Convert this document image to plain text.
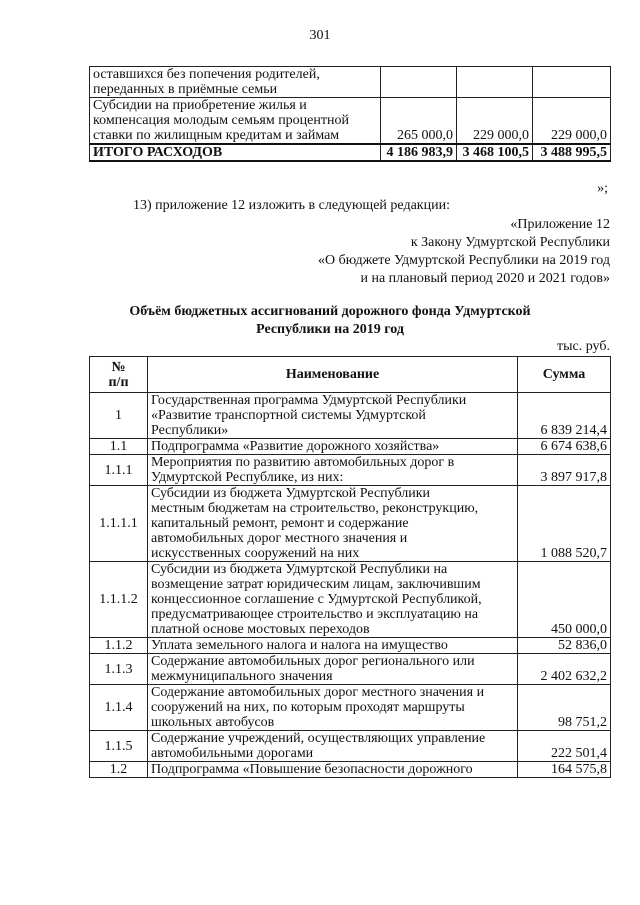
301
оставшихся без попечения родителей,
переданных в приёмные семьи			

Субсидии на приобретение жилья и
компенсация молодым семьям процентной
ставки по жилищным кредитам и займам	265 000,0	229 000,0	229 000,0
ИТОГО РАСХОДОВ	4 186 983,9	3 468 100,5	3 488 995,5
»;
13) приложение 12 изложить в следующей редакции:
«Приложение 12
к Закону Удмуртской Республики
«О бюджете Удмуртской Республики на 2019 год
и на плановый период 2020 и 2021 годов»
Объём бюджетных ассигнований дорожного фонда Удмуртской
Республики на 2019 год
тыс. руб.
№
п/п	Наименование	Сумма
1	Государственная программа Удмуртской Республики
«Развитие транспортной системы Удмуртской
Республики»	6 839 214,4
1.1	Подпрограмма «Развитие дорожного хозяйства»	6 674 638,6
1.1.1	Мероприятия по развитию автомобильных дорог в
Удмуртской Республике, из них:	3 897 917,8
1.1.1.1	Субсидии из бюджета Удмуртской Республики
местным бюджетам на строительство, реконструкцию,
капитальный ремонт, ремонт и содержание
автомобильных дорог местного значения и
искусственных сооружений на них	1 088 520,7
1.1.1.2	Субсидии из бюджета Удмуртской Республики на
возмещение затрат юридическим лицам, заключившим
концессионное соглашение с Удмуртской Республикой,
предусматривающее строительство и эксплуатацию на
платной основе мостовых переходов	450 000,0
1.1.2	Уплата земельного налога и налога на имущество	52 836,0
1.1.3	Содержание автомобильных дорог регионального или
межмуниципального значения	2 402 632,2
1.1.4	Содержание автомобильных дорог местного значения и
сооружений на них, по которым проходят маршруты
школьных автобусов	98 751,2
1.1.5	Содержание учреждений, осуществляющих управление
автомобильными дорогами	222 501,4
1.2	Подпрограмма «Повышение безопасности дорожного	164 575,8
